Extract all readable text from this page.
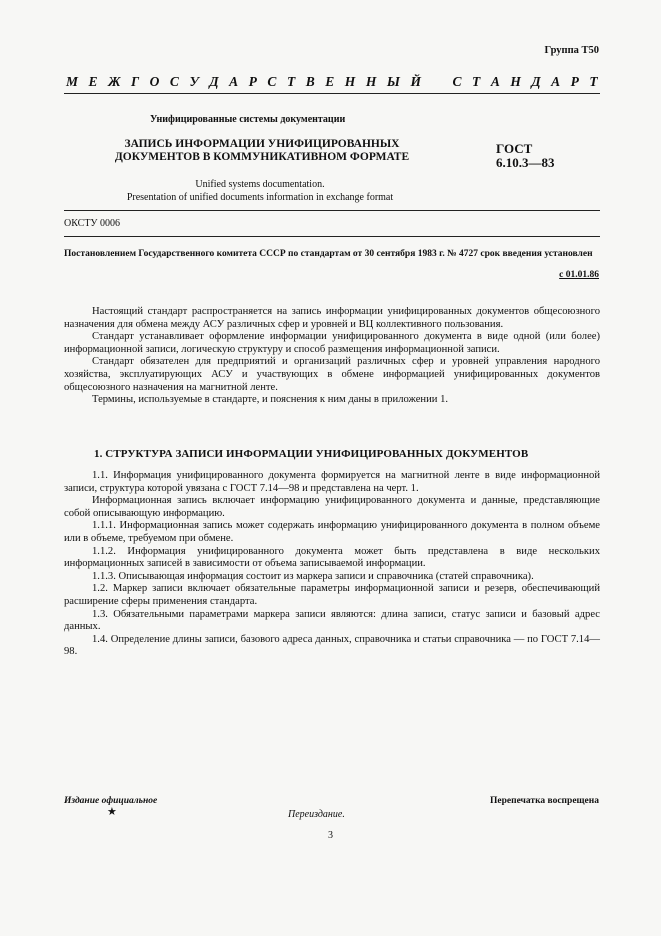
Группа Т50
М Е Ж Г О С У Д А Р С Т В Е Н Н Ы Й С Т А Н Д А Р Т
Унифицированные системы документации
ЗАПИСЬ ИНФОРМАЦИИ УНИФИЦИРОВАННЫХ
ДОКУМЕНТОВ В КОММУНИКАТИВНОМ ФОРМАТЕ
ГОСТ
6.10.3—83
Unified systems documentation.
Presentation of unified documents information in exchange format
ОКСТУ 0006
Постановлением Государственного комитета СССР по стандартам от 30 сентября 1983 г. № 4727 срок введения установлен
с 01.01.86

Настоящий стандарт распространяется на запись информации унифицированных документов общесоюзного назначения для обмена между АСУ различных сфер и уровней и ВЦ коллективного пользования.

Стандарт устанавливает оформление информации унифицированного документа в виде одной (или более) информационной записи, логическую структуру и способ размещения информационной записи.

Стандарт обязателен для предприятий и организаций различных сфер и уровней управления народного хозяйства, эксплуатирующих АСУ и участвующих в обмене информацией унифицированных документов общесоюзного назначения на магнитной ленте.

Термины, используемые в стандарте, и пояснения к ним даны в приложении 1.

1. СТРУКТУРА ЗАПИСИ ИНФОРМАЦИИ УНИФИЦИРОВАННЫХ ДОКУМЕНТОВ

1.1. Информация унифицированного документа формируется на магнитной ленте в виде информационной записи, структура которой увязана с ГОСТ 7.14—98 и представлена на черт. 1.

Информационная запись включает информацию унифицированного документа и данные, представляющие собой описывающую информацию.

1.1.1. Информационная запись может содержать информацию унифицированного документа в полном объеме или в объеме, требуемом при обмене.

1.1.2. Информация унифицированного документа может быть представлена в виде нескольких информационных записей в зависимости от объема записываемой информации.

1.1.3. Описывающая информация состоит из маркера записи и справочника (статей справочника).

1.2. Маркер записи включает обязательные параметры информационной записи и резерв, обеспечивающий расширение сферы применения стандарта.

1.3. Обязательными параметрами маркера записи являются: длина записи, статус записи и базовый адрес данных.

1.4. Определение длины записи, базового адреса данных, справочника и статьи справочника — по ГОСТ 7.14—98.

Издание официальное
★
Перепечатка воспрещена
Переиздание.
3
